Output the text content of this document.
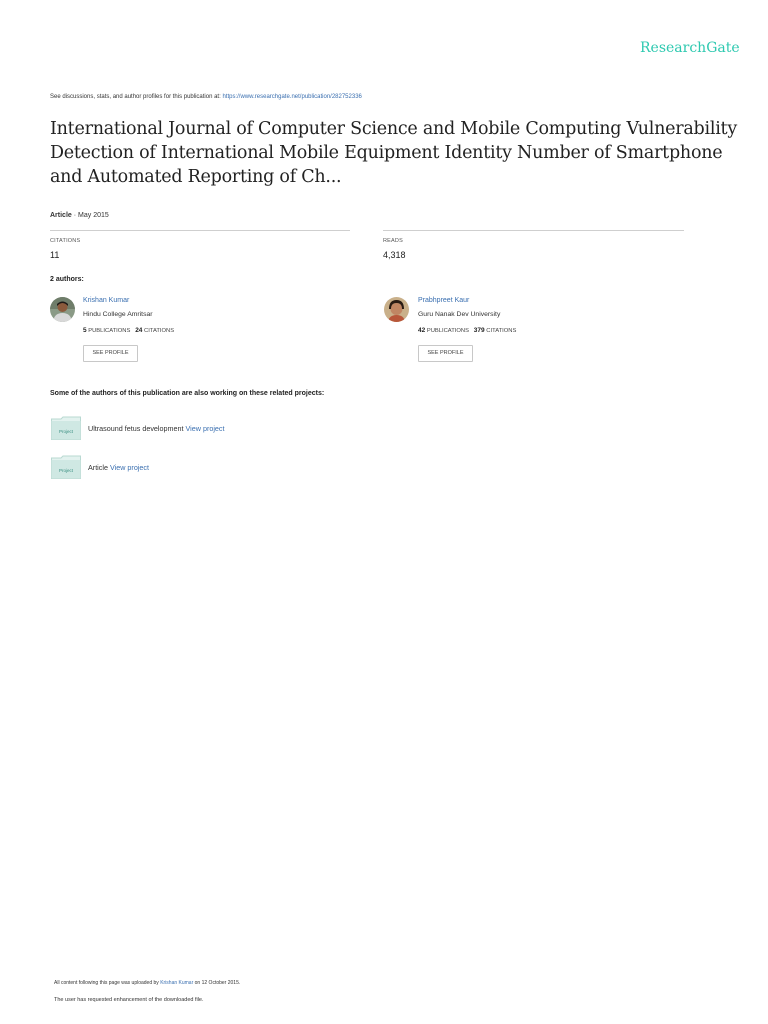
ResearchGate
See discussions, stats, and author profiles for this publication at: https://www.researchgate.net/publication/282752336
International Journal of Computer Science and Mobile Computing Vulnerability Detection of International Mobile Equipment Identity Number of Smartphone and Automated Reporting of Ch...
Article · May 2015
CITATIONS
11
READS
4,318
2 authors:
Krishan Kumar
Hindu College Amritsar
5 PUBLICATIONS 24 CITATIONS
SEE PROFILE
Prabhpreet Kaur
Guru Nanak Dev University
42 PUBLICATIONS 379 CITATIONS
SEE PROFILE
Some of the authors of this publication are also working on these related projects:
Project Ultrasound fetus development View project
Project Article View project
All content following this page was uploaded by Krishan Kumar on 12 October 2015.
The user has requested enhancement of the downloaded file.
